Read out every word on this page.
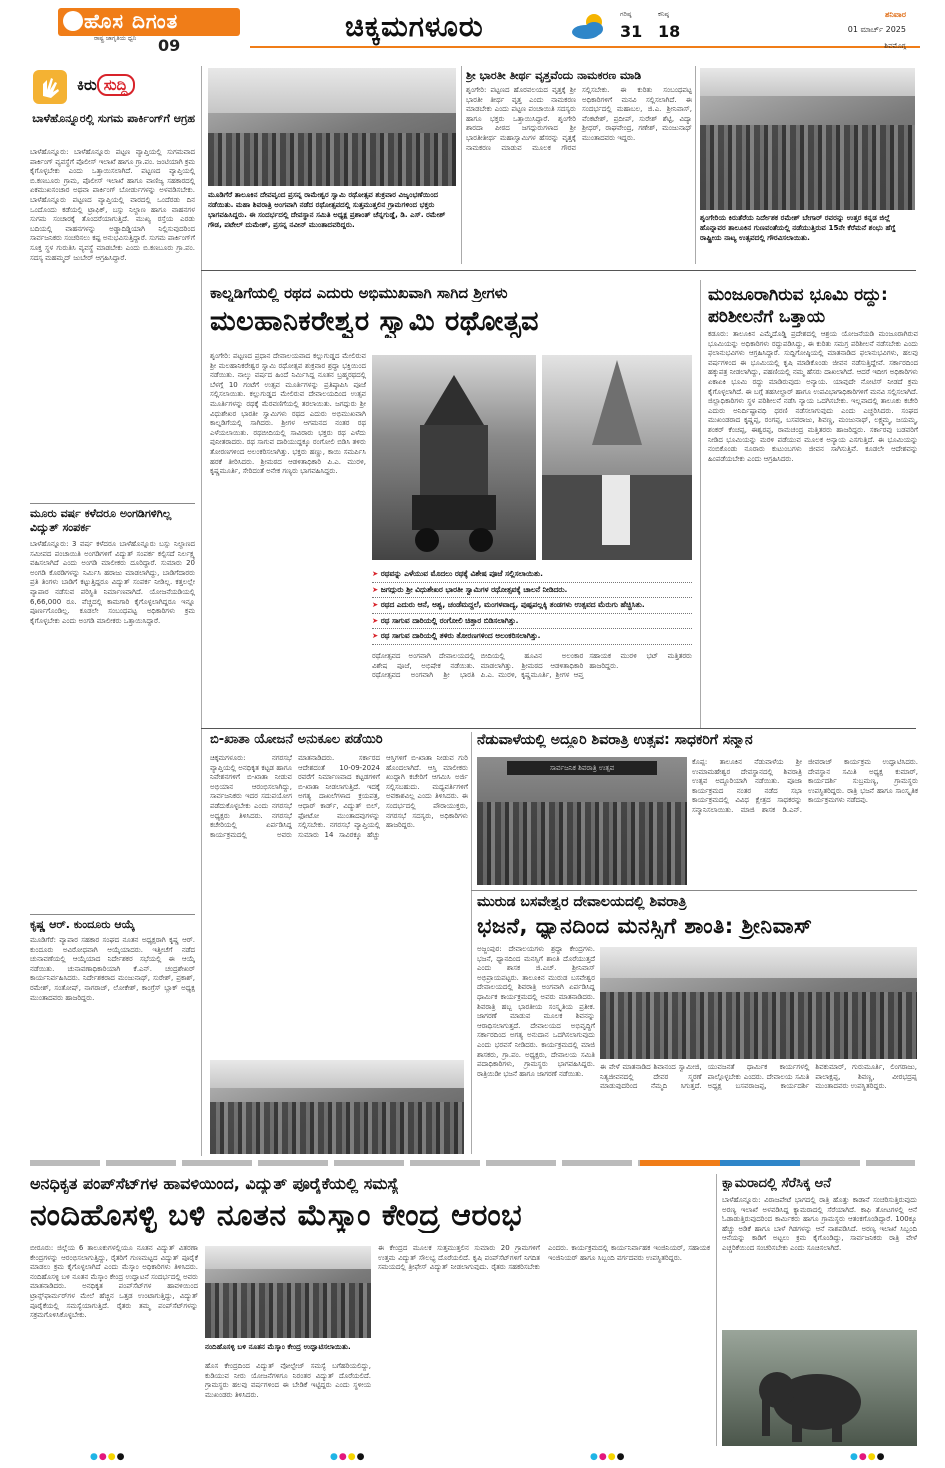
ಹೊಸ ದಿಗಂತ
ರಾಷ್ಟ್ರ ಜಾಗೃತಿಯ ಧ್ವನಿ 09
ಚಿಕ್ಕಮಗಳೂರು	ಗರಿಷ್ಠ
31
ಕನಿಷ್ಠ
18
ಶನಿವಾರ
01 ಮಾರ್ಚ್ 2025
ಶಿವಮೊಗ್ಗ
ಕಿರು ಸುದ್ದಿ
ಬಾಳೆಹೊನ್ನೂರಲ್ಲಿ ಸುಗಮ ಪಾರ್ಕಿಂಗ್‌ಗೆ ಆಗ್ರಹ
ಬಾಳೆಹೊನ್ನೂರು: ಬಾಳೆಹೊನ್ನೂರು ಪಟ್ಟಣ ವ್ಯಾಪ್ತಿಯಲ್ಲಿ ಸುಗಮವಾದ ಪಾರ್ಕಿಂಗ್ ವ್ಯವಸ್ಥೆಗೆ ಪೊಲೀಸ್ ಇಲಾಖೆ ಹಾಗೂ ಗ್ರಾ.ಪಂ. ಜಂಟಿಯಾಗಿ ಕ್ರಮ ಕೈಗೊಳ್ಳಬೇಕು ಎಂದು ಒತ್ತಾಯಿಸಲಾಗಿದೆ. ಪಟ್ಟಣದ ವ್ಯಾಪ್ತಿಯಲ್ಲಿ ಬಿ.ಕಣಬೂರು ಗ್ರಾಮ, ಪೊಲೀಸ್ ಇಲಾಖೆ ಹಾಗೂ ವಾಣಿಜ್ಯ ಸಹಕಾರದಲ್ಲಿ ಏಕಮುಖಸಂಚಾರ ಅಥವಾ ಪಾರ್ಕಿಂಗ್ ಬೋರ್ಡುಗಳನ್ನು ಅಳವಡಿಸಬೇಕು. ಬಾಳೆಹೊನ್ನೂರು ಪಟ್ಟಣದ ವ್ಯಾಪ್ತಿಯಲ್ಲಿ ವಾರದಲ್ಲಿ ಒಂದೆರಡು ದಿನ ಒಂದೊಂದು ಕಡೆಯಲ್ಲಿ ಟ್ರಾಫಿಕ್, ಬಸ್ಸು ನಿಲ್ದಾಣ ಹಾಗೂ ವಾಹನಗಳ ಸುಗಮ ಸಂಚಾರಕ್ಕೆ ತೊಂದರೆಯಾಗುತ್ತಿದೆ. ಮುಖ್ಯ ರಸ್ತೆಯ ಎರಡು ಬದಿಯಲ್ಲಿ ವಾಹನಗಳನ್ನು ಅಡ್ಡಾದಿಡ್ಡಿಯಾಗಿ ನಿಲ್ಲಿಸುವುದರಿಂದ ಸಾರ್ವಜನಿಕರು ಸಂಚರಿಸಲು ಕಷ್ಟ ಅನುಭವಿಸುತ್ತಿದ್ದಾರೆ. ಸುಗಮ ಪಾರ್ಕಿಂಗ್‌ಗೆ ಸೂಕ್ತ ಸ್ಥಳ ಗುರುತಿಸಿ ವ್ಯವಸ್ಥೆ ಮಾಡಬೇಕು ಎಂದು ಬಿ.ಕಣಬೂರು ಗ್ರಾ.ಪಂ. ಸದಸ್ಯ ಮಹಮ್ಮದ್ ಜುಬೇರ್ ಆಗ್ರಹಿಸಿದ್ದಾರೆ.
ಮೂರು ವರ್ಷ ಕಳೆದರೂ ಅಂಗಡಿಗಳಿಗಿಲ್ಲ ವಿದ್ಯುತ್ ಸಂಪರ್ಕ
ಬಾಳೆಹೊನ್ನೂರು: 3 ವರ್ಷ ಕಳೆದರೂ ಬಾಳೆಹೊನ್ನೂರು ಬಸ್ಸು ನಿಲ್ದಾಣದ ಸಮೀಪದ ಪಂಚಾಯಿತಿ ಅಂಗಡಿಗಳಿಗೆ ವಿದ್ಯುತ್ ಸಂಪರ್ಕ ಕಲ್ಪಿಸದೆ ನಿರ್ಲಕ್ಷ್ಯ ವಹಿಸಲಾಗಿದೆ ಎಂದು ಅಂಗಡಿ ಮಾಲೀಕರು ದೂರಿದ್ದಾರೆ. ಸುಮಾರು 20 ಅಂಗಡಿ ಕೊಠಡಿಗಳನ್ನು ನಿರ್ಮಿಸಿ ಹರಾಜು ಮಾಡಲಾಗಿದ್ದು, ಬಾಡಿಗೆದಾರರು ಪ್ರತಿ ತಿಂಗಳು ಬಾಡಿಗೆ ಕಟ್ಟುತ್ತಿದ್ದರೂ ವಿದ್ಯುತ್ ಸಂಪರ್ಕ ನೀಡಿಲ್ಲ. ಕತ್ತಲಲ್ಲೇ ವ್ಯಾಪಾರ ನಡೆಸುವ ಪರಿಸ್ಥಿತಿ ನಿರ್ಮಾಣವಾಗಿದೆ. ಯೋಜನೆಯಡಿಯಲ್ಲಿ 6,66,000 ರೂ. ವೆಚ್ಚದಲ್ಲಿ ಕಾಮಗಾರಿ ಕೈಗೊಳ್ಳಲಾಗಿದ್ದರೂ ಇನ್ನೂ ಪೂರ್ಣಗೊಂಡಿಲ್ಲ. ಕೂಡಲೇ ಸಂಬಂಧಪಟ್ಟ ಅಧಿಕಾರಿಗಳು ಕ್ರಮ ಕೈಗೊಳ್ಳಬೇಕು ಎಂದು ಅಂಗಡಿ ಮಾಲೀಕರು ಒತ್ತಾಯಿಸಿದ್ದಾರೆ.
ಕೃಷ್ಣ ಆರ್. ಕುಂದೂರು ಆಯ್ಕೆ
ಮೂಡಿಗೆರೆ: ವ್ಯಾಪಾರ ಸಹಕಾರ ಸಂಘದ ನೂತನ ಅಧ್ಯಕ್ಷರಾಗಿ ಕೃಷ್ಣ ಆರ್. ಕುಂದೂರು ಅವಿರೋಧವಾಗಿ ಆಯ್ಕೆಯಾದರು. ಇತ್ತೀಚೆಗೆ ನಡೆದ ಚುನಾವಣೆಯಲ್ಲಿ ಆಯ್ಕೆಯಾದ ನಿರ್ದೇಶಕರ ಸಭೆಯಲ್ಲಿ ಈ ಆಯ್ಕೆ ನಡೆಯಿತು. ಚುನಾವಣಾಧಿಕಾರಿಯಾಗಿ ಕೆ.ಎನ್. ಚಂದ್ರಶೇಖರ್ ಕಾರ್ಯನಿರ್ವಹಿಸಿದರು. ನಿರ್ದೇಶಕರಾದ ಮಂಜುನಾಥ್, ಸುರೇಶ್, ಪ್ರಕಾಶ್, ರಮೇಶ್, ಸಂತೋಷ್, ನಾಗರಾಜ್, ಲೋಕೇಶ್, ಕಾಂಗ್ರೆಸ್ ಬ್ಲಾಕ್ ಅಧ್ಯಕ್ಷ ಮುಂತಾದವರು ಹಾಜರಿದ್ದರು.
ಮೂಡಿಗೆರೆ ತಾಲೂಕಿನ ದೇವವೃಂದ ಪ್ರಸನ್ನ ರಾಮೇಶ್ವರ ಸ್ವಾಮಿ ರಥೋತ್ಸವ ಶುಕ್ರವಾರ ವಿಜೃಂಭಣೆಯಿಂದ ನಡೆಯಿತು. ಮಹಾ ಶಿವರಾತ್ರಿ ಅಂಗವಾಗಿ ನಡೆದ ರಥೋತ್ಸವದಲ್ಲಿ ಸುತ್ತಮುತ್ತಲಿನ ಗ್ರಾಮಗಳಿಂದ ಭಕ್ತರು ಭಾಗವಹಿಸಿದ್ದರು. ಈ ಸಂದರ್ಭದಲ್ಲಿ ದೇವಸ್ಥಾನ ಸಮಿತಿ ಅಧ್ಯಕ್ಷ ಪ್ರಶಾಂತ್ ಚೆನ್ನಗುಡ್ಡೆ, ಡಿ. ಎಸ್. ರಮೇಶ್ ಗೌಡ, ಪಟೇಲ್ ದುಮೇಶ್, ಪ್ರಸನ್ನ ನವೀನ್ ಮುಂತಾದವರಿದ್ದರು.
ಶ್ರೀ ಭಾರತೀ ತೀರ್ಥ ವೃತ್ತವೆಂದು ನಾಮಕರಣ ಮಾಡಿ
ಶೃಂಗೇರಿ: ಪಟ್ಟಣದ ಹೊರವಲಯದ ವೃತ್ತಕ್ಕೆ ಶ್ರೀ ಭಾರತೀ ತೀರ್ಥ ವೃತ್ತ ಎಂದು ನಾಮಕರಣ ಮಾಡಬೇಕು ಎಂದು ಪಟ್ಟಣ ಪಂಚಾಯಿತಿ ಸದಸ್ಯರು ಹಾಗೂ ಭಕ್ತರು ಒತ್ತಾಯಿಸಿದ್ದಾರೆ. ಶೃಂಗೇರಿ ಶಾರದಾ ಪೀಠದ ಜಗದ್ಗುರುಗಳಾದ ಶ್ರೀ ಭಾರತೀತೀರ್ಥ ಮಹಾಸ್ವಾಮಿಗಳ ಹೆಸರನ್ನು ವೃತ್ತಕ್ಕೆ ನಾಮಕರಣ ಮಾಡುವ ಮೂಲಕ ಗೌರವ ಸಲ್ಲಿಸಬೇಕು. ಈ ಕುರಿತು ಸಂಬಂಧಪಟ್ಟ ಅಧಿಕಾರಿಗಳಿಗೆ ಮನವಿ ಸಲ್ಲಿಸಲಾಗಿದೆ. ಈ ಸಂದರ್ಭದಲ್ಲಿ ಮಹಾಬಲ, ಜಿ.ಎ. ಶ್ರೀನಿವಾಸ್, ವೆಂಕಟೇಶ್, ಪ್ರದೀಪ್, ಸುರೇಶ್ ಶೆಟ್ಟಿ, ವಿದ್ಯಾ ಶ್ರೀಧರ್, ರಾಘವೇಂದ್ರ, ಗಣೇಶ್, ಮಂಜುನಾಥ್ ಮುಂತಾದವರು ಇದ್ದರು.
ಶೃಂಗೇರಿಯ ಕಿರುತೆರೆಯ ನಿರ್ದೇಶಕ ರಮೇಶ್ ಬೇಗಾರ್ ರವರನ್ನು ಉತ್ತರ ಕನ್ನಡ ಜಿಲ್ಲೆ ಹೊನ್ನಾವರ ತಾಲೂಕಿನ ಗುಣವಂತೆಯಲ್ಲಿ ನಡೆಯುತ್ತಿರುವ 15ನೇ ಕೆರೆಮನೆ ಶಂಭು ಹೆಗ್ಡೆ ರಾಷ್ಟ್ರೀಯ ನಾಟ್ಯ ಉತ್ಸವದಲ್ಲಿ ಗೌರವಿಸಲಾಯಿತು.
ಕಾಲ್ನಡಿಗೆಯಲ್ಲಿ ರಥದ ಎದುರು ಅಭಿಮುಖವಾಗಿ ಸಾಗಿದ ಶ್ರೀಗಳು
ಮಲಹಾನಿಕರೇಶ್ವರ ಸ್ವಾಮಿ ರಥೋತ್ಸವ
ಶೃಂಗೇರಿ: ಪಟ್ಟಣದ ಪ್ರಧಾನ ದೇವಾಲಯವಾದ ಕಲ್ಲುಗುಡ್ಡದ ಮೇಲಿರುವ ಶ್ರೀ ಮಲಹಾನಿಕರೇಶ್ವರ ಸ್ವಾಮಿ ರಥೋತ್ಸವ ಶುಕ್ರವಾರ ಶ್ರದ್ಧಾ ಭಕ್ತಿಯಿಂದ ನಡೆಯಿತು. ನಾಲ್ಕು ವರ್ಷದ ಹಿಂದೆ ನಿರ್ಮಿಸಿದ್ದ ನೂತನ ಬ್ರಹ್ಮರಥದಲ್ಲಿ ಬೆಳಗ್ಗೆ 10 ಗಂಟೆಗೆ ಉತ್ಸವ ಮೂರ್ತಿಗಳನ್ನು ಪ್ರತಿಷ್ಠಾಪಿಸಿ ಪೂಜೆ ಸಲ್ಲಿಸಲಾಯಿತು. ಕಲ್ಲುಗುಡ್ಡದ ಮೇಲಿರುವ ದೇವಾಲಯದಿಂದ ಉತ್ಸವ ಮೂರ್ತಿಗಳನ್ನು ರಥಕ್ಕೆ ಮೆರವಣಿಗೆಯಲ್ಲಿ ತರಲಾಯಿತು. ಜಗದ್ಗುರು ಶ್ರೀ ವಿಧುಶೇಖರ ಭಾರತೀ ಸ್ವಾಮಿಗಳು ರಥದ ಎದುರು ಅಭಿಮುಖವಾಗಿ ಕಾಲ್ನಡಿಗೆಯಲ್ಲಿ ಸಾಗಿದರು. ಶ್ರೀಗಳ ಆಗಮನದ ನಂತರ ರಥ ಎಳೆಯಲಾಯಿತು. ರಥಬೀದಿಯಲ್ಲಿ ಸಾವಿರಾರು ಭಕ್ತರು ರಥ ಎಳೆದು ಪುನೀತರಾದರು. ರಥ ಸಾಗುವ ದಾರಿಯುದ್ದಕ್ಕೂ ರಂಗೋಲಿ ಬಿಡಿಸಿ ತಳಿರು ತೋರಣಗಳಿಂದ ಅಲಂಕರಿಸಲಾಗಿತ್ತು. ಭಕ್ತರು ಹಣ್ಣು, ಕಾಯಿ ಸಮರ್ಪಿಸಿ ಹರಕೆ ತೀರಿಸಿದರು. ಶ್ರೀಮಠದ ಆಡಳಿತಾಧಿಕಾರಿ ಪಿ.ಎ. ಮುರಳಿ, ಕೃಷ್ಣಮೂರ್ತಿ, ಸೇರಿದಂತೆ ಅನೇಕ ಗಣ್ಯರು ಭಾಗವಹಿಸಿದ್ದರು.
➤ ರಥವನ್ನು ಎಳೆಯುವ ಮೊದಲು ರಥಕ್ಕೆ ವಿಶೇಷ ಪೂಜೆ ಸಲ್ಲಿಸಲಾಯಿತು.
➤ ಜಗದ್ಗುರು ಶ್ರೀ ವಿಧುಶೇಖರ ಭಾರತೀ ಸ್ವಾಮಿಗಳ ರಥೋತ್ಸವಕ್ಕೆ ಚಾಲನೆ ನೀಡಿದರು.
➤ ರಥದ ಎದುರು ಆನೆ, ಅಶ್ವ, ಚಂಡೆಮದ್ದಲೆ, ಮಂಗಳವಾದ್ಯ, ಪುಷ್ಪಪಲ್ಲಕ್ಕಿ ತಂಡಗಳು ಉತ್ಸವದ ಮೆರುಗು ಹೆಚ್ಚಿಸಿತು.
➤ ರಥ ಸಾಗುವ ದಾರಿಯಲ್ಲಿ ರಂಗೋಲಿ ಚಿತ್ತಾರ ಬಿಡಿಸಲಾಗಿತ್ತು.
➤ ರಥ ಸಾಗುವ ದಾರಿಯಲ್ಲಿ ತಳಿರು ತೋರಣಗಳಿಂದ ಅಲಂಕರಿಸಲಾಗಿತ್ತು.
ರಥೋತ್ಸವದ ಅಂಗವಾಗಿ ದೇವಾಲಯದಲ್ಲಿ ವಿಶೇಷ ಪೂಜೆ, ಅಭಿಷೇಕ ನಡೆಯಿತು. ರಥೋತ್ಸವದ ಅಂಗವಾಗಿ ಶ್ರೀ ಭಾರತಿ ಬೀದಿಯಲ್ಲಿ ಹೂವಿನ ಅಲಂಕಾರ ಮಾಡಲಾಗಿತ್ತು. ಶ್ರೀಮಠದ ಆಡಳಿತಾಧಿಕಾರಿ ಪಿ.ಎ. ಮುರಳಿ, ಕೃಷ್ಣಮೂರ್ತಿ, ಶ್ರೀಗಳ ಆಪ್ತ ಸಹಾಯಕ ಮುರಳಿ ಭಟ್ ಮತ್ತಿತರರು ಹಾಜರಿದ್ದರು.
ಮಂಜೂರಾಗಿರುವ ಭೂಮಿ ರದ್ದು: ಪರಿಶೀಲನೆಗೆ ಒತ್ತಾಯ
ಕಡೂರು: ತಾಲೂಕಿನ ಎಮ್ಮೆದೊಡ್ಡಿ ಪ್ರದೇಶದಲ್ಲಿ ಆಶ್ರಯ ಯೋಜನೆಯಡಿ ಮಂಜೂರಾಗಿರುವ ಭೂಮಿಯನ್ನು ಅಧಿಕಾರಿಗಳು ರದ್ದುಪಡಿಸಿದ್ದು, ಈ ಕುರಿತು ಸಮಗ್ರ ಪರಿಶೀಲನೆ ನಡೆಸಬೇಕು ಎಂದು ಫಲಾನುಭವಿಗಳು ಆಗ್ರಹಿಸಿದ್ದಾರೆ. ಸುದ್ದಿಗೋಷ್ಠಿಯಲ್ಲಿ ಮಾತನಾಡಿದ ಫಲಾನುಭವಿಗಳು, ಹಲವು ವರ್ಷಗಳಿಂದ ಈ ಭೂಮಿಯಲ್ಲಿ ಕೃಷಿ ಮಾಡಿಕೊಂಡು ಜೀವನ ನಡೆಸುತ್ತಿದ್ದೇವೆ. ಸರ್ಕಾರದಿಂದ ಹಕ್ಕುಪತ್ರ ನೀಡಲಾಗಿದ್ದು, ಪಹಣಿಯಲ್ಲಿ ನಮ್ಮ ಹೆಸರು ದಾಖಲಾಗಿದೆ. ಆದರೆ ಇದೀಗ ಅಧಿಕಾರಿಗಳು ಏಕಾಏಕಿ ಭೂಮಿ ರದ್ದು ಮಾಡಿರುವುದು ಅನ್ಯಾಯ. ಯಾವುದೇ ನೋಟಿಸ್ ನೀಡದೆ ಕ್ರಮ ಕೈಗೊಳ್ಳಲಾಗಿದೆ. ಈ ಬಗ್ಗೆ ತಹಸೀಲ್ದಾರ್ ಹಾಗೂ ಉಪವಿಭಾಗಾಧಿಕಾರಿಗಳಿಗೆ ಮನವಿ ಸಲ್ಲಿಸಲಾಗಿದೆ. ಜಿಲ್ಲಾಧಿಕಾರಿಗಳು ಸ್ಥಳ ಪರಿಶೀಲನೆ ನಡೆಸಿ ನ್ಯಾಯ ಒದಗಿಸಬೇಕು. ಇಲ್ಲವಾದಲ್ಲಿ ತಾಲೂಕು ಕಚೇರಿ ಎದುರು ಅನಿರ್ದಿಷ್ಟಾವಧಿ ಧರಣಿ ನಡೆಸಲಾಗುವುದು ಎಂದು ಎಚ್ಚರಿಸಿದರು. ಸಂಘದ ಮುಖಂಡರಾದ ಕೃಷ್ಣಪ್ಪ, ರಂಗಪ್ಪ, ಬಸವರಾಜು, ಶಿವಣ್ಣ, ಮಂಜುನಾಥ್, ಲಕ್ಷ್ಮಮ್ಮ, ಜಯಮ್ಮ, ಶಂಕರ್ ಕೆಂಚಪ್ಪ, ಈಶ್ವರಪ್ಪ, ರಾಮಚಂದ್ರ ಮತ್ತಿತರರು ಹಾಜರಿದ್ದರು. ಸರ್ಕಾರವು ಬಡವರಿಗೆ ನೀಡಿದ ಭೂಮಿಯನ್ನು ಮರಳಿ ಪಡೆಯುವ ಮೂಲಕ ಅನ್ಯಾಯ ಎಸಗುತ್ತಿದೆ. ಈ ಭೂಮಿಯನ್ನು ನಂಬಿಕೊಂಡು ನೂರಾರು ಕುಟುಂಬಗಳು ಜೀವನ ಸಾಗಿಸುತ್ತಿವೆ. ಕೂಡಲೇ ಆದೇಶವನ್ನು ಹಿಂಪಡೆಯಬೇಕು ಎಂದು ಆಗ್ರಹಿಸಿದರು.
ಬಿ-ಖಾತಾ ಯೋಜನೆ ಅನುಕೂಲ ಪಡೆಯಿರಿ
ಚಿಕ್ಕಮಗಳೂರು: ನಗರಸಭೆ ವ್ಯಾಪ್ತಿಯಲ್ಲಿ ಅನಧಿಕೃತ ಕಟ್ಟಡ ಹಾಗೂ ನಿವೇಶನಗಳಿಗೆ ಬಿ-ಖಾತಾ ನೀಡುವ ಅಭಿಯಾನ ಆರಂಭಿಸಲಾಗಿದ್ದು, ಸಾರ್ವಜನಿಕರು ಇದರ ಸದುಪಯೋಗ ಪಡೆದುಕೊಳ್ಳಬೇಕು ಎಂದು ನಗರಸಭೆ ಅಧ್ಯಕ್ಷರು ತಿಳಿಸಿದರು. ನಗರಸಭೆ ಕಚೇರಿಯಲ್ಲಿ ಏರ್ಪಡಿಸಿದ್ದ ಕಾರ್ಯಕ್ರಮದಲ್ಲಿ ಅವರು ಮಾತನಾಡಿದರು. ಸರ್ಕಾರದ ಆದೇಶದಂತೆ 10-09-2024 ರವರೆಗೆ ನಿರ್ಮಾಣವಾದ ಕಟ್ಟಡಗಳಿಗೆ ಬಿ-ಖಾತಾ ನೀಡಲಾಗುತ್ತಿದೆ. ಇದಕ್ಕೆ ಅಗತ್ಯ ದಾಖಲೆಗಳಾದ ಕ್ರಯಪತ್ರ, ಆಧಾರ್ ಕಾರ್ಡ್, ವಿದ್ಯುತ್ ಬಿಲ್, ಫೋಟೋ ಮುಂತಾದವುಗಳನ್ನು ಸಲ್ಲಿಸಬೇಕು. ನಗರಸಭೆ ವ್ಯಾಪ್ತಿಯಲ್ಲಿ ಸುಮಾರು 14 ಸಾವಿರಕ್ಕೂ ಹೆಚ್ಚು ಆಸ್ತಿಗಳಿಗೆ ಬಿ-ಖಾತಾ ನೀಡುವ ಗುರಿ ಹೊಂದಲಾಗಿದೆ. ಆಸ್ತಿ ಮಾಲೀಕರು ಖುದ್ದಾಗಿ ಕಚೇರಿಗೆ ಆಗಮಿಸಿ ಅರ್ಜಿ ಸಲ್ಲಿಸಬಹುದು. ಮಧ್ಯವರ್ತಿಗಳಿಗೆ ಅವಕಾಶವಿಲ್ಲ ಎಂದು ತಿಳಿಸಿದರು. ಈ ಸಂದರ್ಭದಲ್ಲಿ ಪೌರಾಯುಕ್ತರು, ನಗರಸಭೆ ಸದಸ್ಯರು, ಅಧಿಕಾರಿಗಳು ಹಾಜರಿದ್ದರು.
ನೆಡುವಾಳೆಯಲ್ಲಿ ಅದ್ದೂರಿ ಶಿವರಾತ್ರಿ ಉತ್ಸವ: ಸಾಧಕರಿಗೆ ಸನ್ಮಾನ
ಸಾರ್ವಜನಿಕ ಶಿವರಾತ್ರಿ ಉತ್ಸವ
ಕೊಪ್ಪ: ತಾಲೂಕಿನ ನೆಡುವಾಳೆಯ ಶ್ರೀ ಉಮಾಮಹೇಶ್ವರ ದೇವಸ್ಥಾನದಲ್ಲಿ ಶಿವರಾತ್ರಿ ಉತ್ಸವ ಅದ್ದೂರಿಯಾಗಿ ನಡೆಯಿತು. ಪೂಜಾ ಕಾರ್ಯಕ್ರಮದ ನಂತರ ನಡೆದ ಸಭಾ ಕಾರ್ಯಕ್ರಮದಲ್ಲಿ ವಿವಿಧ ಕ್ಷೇತ್ರದ ಸಾಧಕರನ್ನು ಸನ್ಮಾನಿಸಲಾಯಿತು. ಮಾಜಿ ಶಾಸಕ ಡಿ.ಎನ್. ಜೀವರಾಜ್ ಕಾರ್ಯಕ್ರಮ ಉದ್ಘಾಟಿಸಿದರು. ದೇವಸ್ಥಾನ ಸಮಿತಿ ಅಧ್ಯಕ್ಷ ಕುಮಾರ್, ಕಾರ್ಯದರ್ಶಿ ಸುಬ್ರಮಣ್ಯ, ಗ್ರಾಮಸ್ಥರು ಉಪಸ್ಥಿತರಿದ್ದರು. ರಾತ್ರಿ ಭಜನೆ ಹಾಗೂ ಸಾಂಸ್ಕೃತಿಕ ಕಾರ್ಯಕ್ರಮಗಳು ನಡೆದವು.
ಮುರುಡ ಬಸವೇಶ್ವರ ದೇವಾಲಯದಲ್ಲಿ ಶಿವರಾತ್ರಿ
ಭಜನೆ, ಧ್ಯಾನದಿಂದ ಮನಸ್ಸಿಗೆ ಶಾಂತಿ: ಶ್ರೀನಿವಾಸ್
ಅಜ್ಜಂಪುರ: ದೇವಾಲಯಗಳು ಶ್ರದ್ಧಾ ಕೇಂದ್ರಗಳು. ಭಜನೆ, ಧ್ಯಾನದಿಂದ ಮನಸ್ಸಿಗೆ ಶಾಂತಿ ದೊರೆಯುತ್ತದೆ ಎಂದು ಶಾಸಕ ಜಿ.ಎಚ್. ಶ್ರೀನಿವಾಸ್ ಅಭಿಪ್ರಾಯಪಟ್ಟರು. ತಾಲೂಕಿನ ಮುರುಡ ಬಸವೇಶ್ವರ ದೇವಾಲಯದಲ್ಲಿ ಶಿವರಾತ್ರಿ ಅಂಗವಾಗಿ ಏರ್ಪಡಿಸಿದ್ದ ಧಾರ್ಮಿಕ ಕಾರ್ಯಕ್ರಮದಲ್ಲಿ ಅವರು ಮಾತನಾಡಿದರು. ಶಿವರಾತ್ರಿ ಹಬ್ಬ ಭಾರತೀಯ ಸಂಸ್ಕೃತಿಯ ಪ್ರತೀಕ. ಜಾಗರಣೆ ಮಾಡುವ ಮೂಲಕ ಶಿವನನ್ನು ಆರಾಧಿಸಲಾಗುತ್ತದೆ. ದೇವಾಲಯದ ಅಭಿವೃದ್ಧಿಗೆ ಸರ್ಕಾರದಿಂದ ಅಗತ್ಯ ಅನುದಾನ ಒದಗಿಸಲಾಗುವುದು ಎಂದು ಭರವಸೆ ನೀಡಿದರು. ಕಾರ್ಯಕ್ರಮದಲ್ಲಿ ಮಾಜಿ ಶಾಸಕರು, ಗ್ರಾ.ಪಂ. ಅಧ್ಯಕ್ಷರು, ದೇವಾಲಯ ಸಮಿತಿ ಪದಾಧಿಕಾರಿಗಳು, ಗ್ರಾಮಸ್ಥರು ಭಾಗವಹಿಸಿದ್ದರು. ರಾತ್ರಿಯಿಡೀ ಭಜನೆ ಹಾಗೂ ಜಾಗರಣೆ ನಡೆಯಿತು.
ಈ ವೇಳೆ ಮಾತನಾಡಿದ ಶಿವಾನಂದ ಸ್ವಾಮೀಜಿ, ನಿತ್ಯಜೀವನದಲ್ಲಿ ದೇವರ ಸ್ಮರಣೆ ಮಾಡುವುದರಿಂದ ನೆಮ್ಮದಿ ಸಿಗುತ್ತದೆ. ಯುವಜನತೆ ಧಾರ್ಮಿಕ ಕಾರ್ಯಗಳಲ್ಲಿ ಪಾಲ್ಗೊಳ್ಳಬೇಕು ಎಂದರು. ದೇವಾಲಯ ಸಮಿತಿ ಅಧ್ಯಕ್ಷ ಬಸವರಾಜಪ್ಪ, ಕಾರ್ಯದರ್ಶಿ ಶಿವಕುಮಾರ್, ಗುರುಮೂರ್ತಿ, ಲಿಂಗರಾಜು, ಪಾಲಾಕ್ಷಪ್ಪ, ಶಿವಣ್ಣ, ವೀರಭದ್ರಪ್ಪ ಮುಂತಾದವರು ಉಪಸ್ಥಿತರಿದ್ದರು.
ಅನಧಿಕೃತ ಪಂಪ್‌ಸೆಟ್‌ಗಳ ಹಾವಳಿಯಿಂದ, ವಿದ್ಯುತ್ ಪೂರೈಕೆಯಲ್ಲಿ ಸಮಸ್ಯೆ
ನಂದಿಹೊಸಳ್ಳಿ ಬಳಿ ನೂತನ ಮೆಸ್ಕಾಂ ಕೇಂದ್ರ ಆರಂಭ
ಬೀರೂರು: ಜಿಲ್ಲೆಯ 6 ತಾಲೂಕುಗಳಲ್ಲಿಯೂ ನೂತನ ವಿದ್ಯುತ್ ವಿತರಣಾ ಕೇಂದ್ರಗಳನ್ನು ಆರಂಭಿಸಲಾಗುತ್ತಿದ್ದು, ರೈತರಿಗೆ ಗುಣಮಟ್ಟದ ವಿದ್ಯುತ್ ಪೂರೈಕೆ ಮಾಡಲು ಕ್ರಮ ಕೈಗೊಳ್ಳಲಾಗಿದೆ ಎಂದು ಮೆಸ್ಕಾಂ ಅಧಿಕಾರಿಗಳು ತಿಳಿಸಿದರು. ನಂದಿಹೊಸಳ್ಳಿ ಬಳಿ ನೂತನ ಮೆಸ್ಕಾಂ ಕೇಂದ್ರ ಉದ್ಘಾಟನೆ ಸಂದರ್ಭದಲ್ಲಿ ಅವರು ಮಾತನಾಡಿದರು. ಅನಧಿಕೃತ ಪಂಪ್‌ಸೆಟ್‌ಗಳ ಹಾವಳಿಯಿಂದ ಟ್ರಾನ್ಸ್‌ಫಾರ್ಮರ್‌ಗಳ ಮೇಲೆ ಹೆಚ್ಚಿನ ಒತ್ತಡ ಉಂಟಾಗುತ್ತಿದ್ದು, ವಿದ್ಯುತ್ ಪೂರೈಕೆಯಲ್ಲಿ ಸಮಸ್ಯೆಯಾಗುತ್ತಿದೆ. ರೈತರು ತಮ್ಮ ಪಂಪ್‌ಸೆಟ್‌ಗಳನ್ನು ಸಕ್ರಮಗೊಳಿಸಿಕೊಳ್ಳಬೇಕು.
ನಂದಿಹೊಸಳ್ಳಿ ಬಳಿ ನೂತನ ಮೆಸ್ಕಾಂ ಕೇಂದ್ರ ಉದ್ಘಾಟಿಸಲಾಯಿತು.
ಹೊಸ ಕೇಂದ್ರದಿಂದ ವಿದ್ಯುತ್ ವೋಲ್ಟೇಜ್ ಸಮಸ್ಯೆ ಬಗೆಹರಿಯಲಿದ್ದು, ಕುಡಿಯುವ ನೀರು ಯೋಜನೆಗಳಿಗೂ ನಿರಂತರ ವಿದ್ಯುತ್ ದೊರೆಯಲಿದೆ. ಗ್ರಾಮಸ್ಥರು ಹಲವು ವರ್ಷಗಳಿಂದ ಈ ಬೇಡಿಕೆ ಇಟ್ಟಿದ್ದರು ಎಂದು ಸ್ಥಳೀಯ ಮುಖಂಡರು ತಿಳಿಸಿದರು.
ಈ ಕೇಂದ್ರದ ಮೂಲಕ ಸುತ್ತಮುತ್ತಲಿನ ಸುಮಾರು 20 ಗ್ರಾಮಗಳಿಗೆ ಉತ್ತಮ ವಿದ್ಯುತ್ ಸೌಲಭ್ಯ ದೊರೆಯಲಿದೆ. ಕೃಷಿ ಪಂಪ್‌ಸೆಟ್‌ಗಳಿಗೆ ನಿಗದಿತ ಸಮಯದಲ್ಲಿ ತ್ರೀಫೇಸ್ ವಿದ್ಯುತ್ ನೀಡಲಾಗುವುದು. ರೈತರು ಸಹಕರಿಸಬೇಕು ಎಂದರು. ಕಾರ್ಯಕ್ರಮದಲ್ಲಿ ಕಾರ್ಯನಿರ್ವಾಹಕ ಇಂಜಿನಿಯರ್, ಸಹಾಯಕ ಇಂಜಿನಿಯರ್ ಹಾಗೂ ಸಿಬ್ಬಂದಿ ವರ್ಗದವರು ಉಪಸ್ಥಿತರಿದ್ದರು.
ಕ್ವಾಮರಾದಲ್ಲಿ ಸೆರೆಸಿಕ್ಕ ಆನೆ
ಬಾಳೆಹೊನ್ನೂರು: ವಿರಾಜಪೇಟೆ ಭಾಗದಲ್ಲಿ ರಾತ್ರಿ ಹೊತ್ತು ಕಾಡಾನೆ ಸಂಚರಿಸುತ್ತಿರುವುದು ಅರಣ್ಯ ಇಲಾಖೆ ಅಳವಡಿಸಿದ್ದ ಕ್ಯಾಮರಾದಲ್ಲಿ ಸೆರೆಯಾಗಿದೆ. ಕಾಫಿ ತೋಟಗಳಲ್ಲಿ ಆನೆ ಓಡಾಡುತ್ತಿರುವುದರಿಂದ ಕಾರ್ಮಿಕರು ಹಾಗೂ ಗ್ರಾಮಸ್ಥರು ಆತಂಕಗೊಂಡಿದ್ದಾರೆ. 100ಕ್ಕೂ ಹೆಚ್ಚು ಅಡಿಕೆ ಹಾಗೂ ಬಾಳೆ ಗಿಡಗಳನ್ನು ಆನೆ ನಾಶಪಡಿಸಿದೆ. ಅರಣ್ಯ ಇಲಾಖೆ ಸಿಬ್ಬಂದಿ ಆನೆಯನ್ನು ಕಾಡಿಗೆ ಅಟ್ಟಲು ಕ್ರಮ ಕೈಗೊಂಡಿದ್ದು, ಸಾರ್ವಜನಿಕರು ರಾತ್ರಿ ವೇಳೆ ಎಚ್ಚರಿಕೆಯಿಂದ ಸಂಚರಿಸಬೇಕು ಎಂದು ಸೂಚಿಸಲಾಗಿದೆ.
●●●●	●●●●	●●●●	●●●●
